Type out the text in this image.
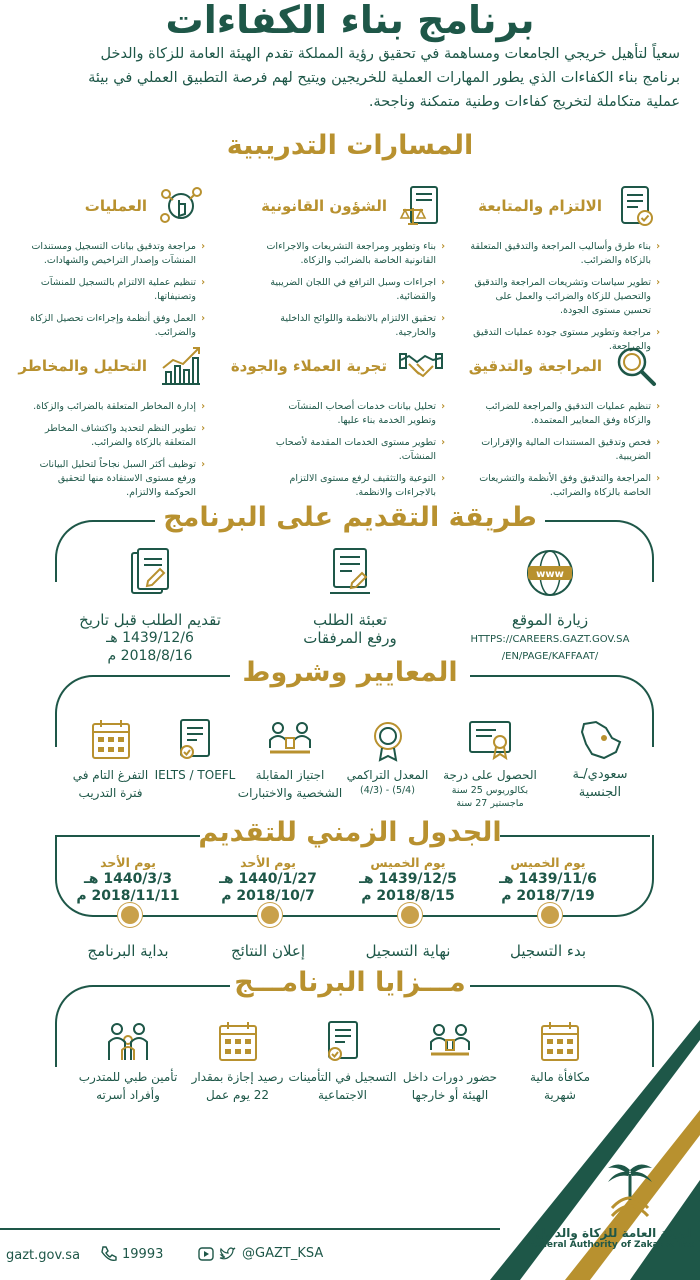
برنامج بناء الكفاءات
سعياً لتأهيل خريجي الجامعات ومساهمة في تحقيق رؤية المملكة تقدم الهيئة العامة للزكاة والدخل
برنامج بناء الكفاءات الذي يطور المهارات العملية للخريجين ويتيح لهم فرصة التطبيق العملي في بيئة
عملية متكاملة لتخريج كفاءات وطنية متمكنة وناجحة.
المسارات التدريبية
الالتزام والمتابعة
‹ بناء طرق وأساليب المراجعة والتدقيق المتعلقة بالزكاة والضرائب.
‹ تطوير سياسات وتشريعات المراجعة والتدقيق والتحصيل للزكاة والضرائب والعمل على تحسين مستوى الجودة.
‹ مراجعة وتطوير مستوى جودة عمليات التدقيق والمراجعة.
الشؤون القانونية
‹ بناء وتطوير ومراجعة التشريعات والاجراءات القانونية الخاصة بالضرائب والزكاة.
‹ اجراءات وسبل الترافع في اللجان الضريبية والقضائية.
‹ تحقيق الالتزام بالانظمة واللوائح الداخلية والخارجية.
العمليات
‹ مراجعة وتدقيق بيانات التسجيل ومستندات المنشآت وإصدار التراخيص والشهادات.
‹ تنظيم عملية الالتزام بالتسجيل للمنشآت وتصنيفاتها.
‹ العمل وفق أنظمة وإجراءات تحصيل الزكاة والضرائب.
المراجعة والتدقيق
‹ تنظيم عمليات التدقيق والمراجعة للضرائب والزكاة وفق المعايير المعتمدة.
‹ فحص وتدقيق المستندات المالية والإقرارات الضريبية.
‹ المراجعة والتدقيق وفق الأنظمة والتشريعات الخاصة بالزكاة والضرائب.
تجربة العملاء والجودة
‹ تحليل بيانات خدمات أصحاب المنشآت وتطوير الخدمة بناء عليها.
‹ تطوير مستوى الخدمات المقدمة لأصحاب المنشآت.
‹ التوعية والتثقيف لرفع مستوى الالتزام بالاجراءات والانظمة.
التحليل والمخاطر
‹ إدارة المخاطر المتعلقة بالضرائب والزكاة.
‹ تطوير النظم لتحديد واكتشاف المخاطر المتعلقة بالزكاة والضرائب.
‹ توظيف أكثر السبل نجاحاً لتحليل البيانات ورفع مستوى الاستفادة منها لتحقيق الحوكمة والالتزام.
طريقة التقديم على البرنامج
www
زيارة الموقع
HTTPS://CAREERS.GAZT.GOV.SA
/EN/PAGE/KAFFAAT/
تعبئة الطلب
ورفع المرفقات
تقديم الطلب قبل تاريخ
1439/12/6 هـ
2018/8/16 م
المعايير وشروط
سعودي/ـة
الجنسية
الحصول على درجة
بكالوريوس 25 سنة ماجستير 27 سنة
المعدل التراكمي
(5/4) - (4/3)
اجتياز المقابلة
الشخصية والاختبارات
IELTS / TOEFL
التفرغ التام في
فترة التدريب
الجدول الزمني للتقديم
يوم الخميس
1439/11/6 هـ
2018/7/19 م
بدء التسجيل
يوم الخميس
1439/12/5 هـ
2018/8/15 م
نهاية التسجيل
يوم الأحد
1440/1/27 هـ
2018/10/7 م
إعلان النتائج
يوم الأحد
1440/3/3 هـ
2018/11/11 م
بداية البرنامج
مـــزايا البرنامـــج
مكافأة مالية
شهرية
حضور دورات داخل
الهيئة أو خارجها
التسجيل في التأمينات
الاجتماعية
رصيد إجازة بمقدار
22 يوم عمل
تأمين طبي للمتدرب
وأفراد أسرته
gazt.gov.sa	19993	@GAZT_KSA
الهيئة العامة للزكاة والدخل
General Authority of Zakat & Tax
